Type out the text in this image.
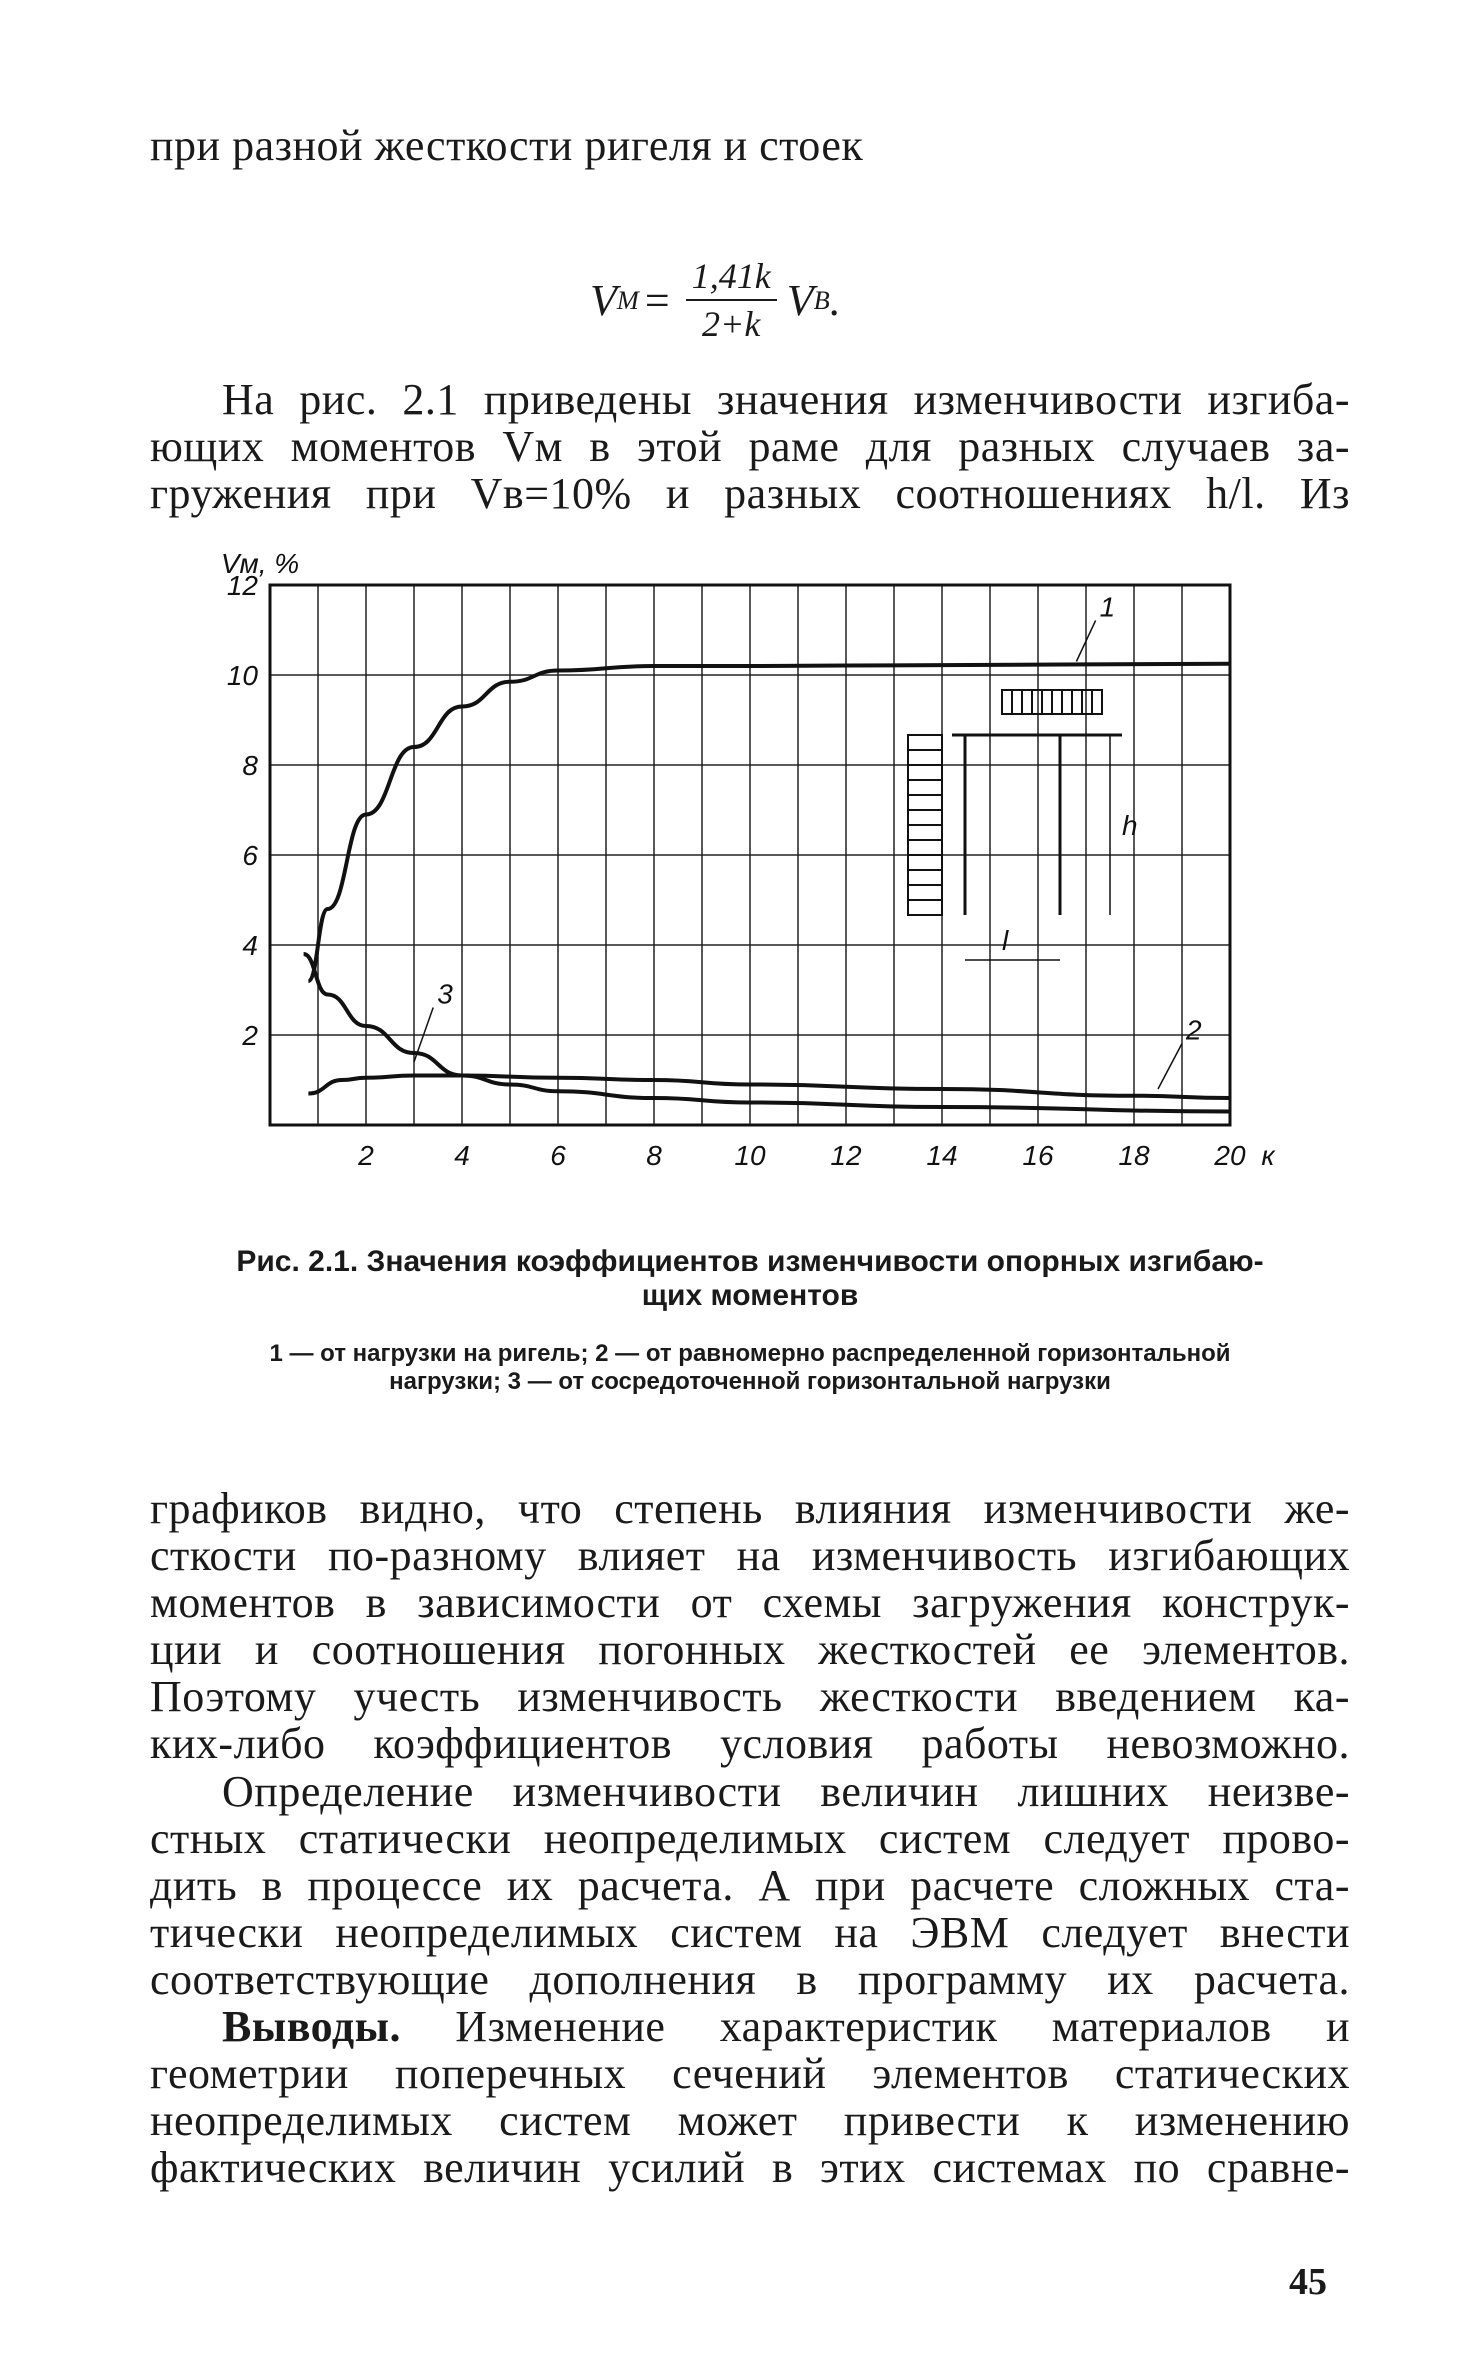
при разной жесткости ригеля и стоек
V $M = \frac{1,41k}{2+k}$ V B .
На рис. 2.1 приведены значения изменчивости изгиба-
ющих моментов Vм в этой раме для разных случаев за-
гружения при Vв=10% и разных соотношениях h/l. Из
2	4	6	8	10 12 14 16 18 20
2
4
6
8
10
12
Vм, %
к
1
2
3
h
l
Рис. 2.1. Значения коэффициентов изменчивости опорных изгибаю-
щих моментов
1 — от нагрузки на ригель; 2 — от равномерно распределенной горизонтальной
нагрузки; 3 — от сосредоточенной горизонтальной нагрузки
графиков видно, что степень влияния изменчивости же-
сткости по-разному влияет на изменчивость изгибающих
моментов в зависимости от схемы загружения конструк-
ции и соотношения погонных жесткостей ее элементов.
Поэтому учесть изменчивость жесткости введением ка-
ких-либо коэффициентов условия работы невозможно.
Определение изменчивости величин лишних неизве-
стных статически неопределимых систем следует прово-
дить в процессе их расчета. А при расчете сложных ста-
тически неопределимых систем на ЭВМ следует внести
соответствующие дополнения в программу их расчета.
Выводы. Изменение характеристик материалов и
геометрии поперечных сечений элементов статических
неопределимых систем может привести к изменению
фактических величин усилий в этих системах по сравне-
45
